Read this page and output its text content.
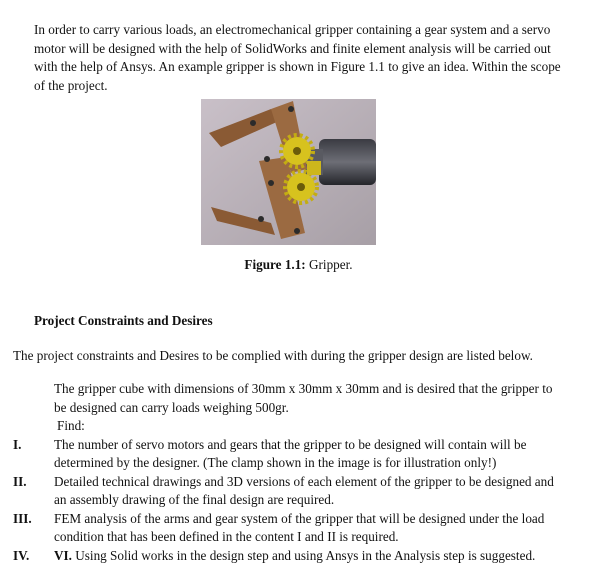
In order to carry various loads, an electromechanical gripper containing a gear system and a servo motor will be designed with the help of SolidWorks and finite element analysis will be carried out with the help of Ansys. An example gripper is shown in Figure 1.1 to give an idea. Within the scope of the project.
Figure 1.1: Gripper.
Project Constraints and Desires
The project constraints and Desires to be complied with during the gripper design are listed below.
The gripper cube with dimensions of 30mm x 30mm x 30mm and is desired that the gripper to be designed can carry loads weighing 500gr.
Find:
I.	The number of servo motors and gears that the gripper to be designed will contain will be determined by the designer. (The clamp shown in the image is for illustration only!)
II.	Detailed technical drawings and 3D versions of each element of the gripper to be designed and an assembly drawing of the final design are required.
III.	FEM analysis of the arms and gear system of the gripper that will be designed under the load condition that has been defined in the content I and II is required.
IV.	VI. Using Solid works in the design step and using Ansys in the Analysis step is suggested.
